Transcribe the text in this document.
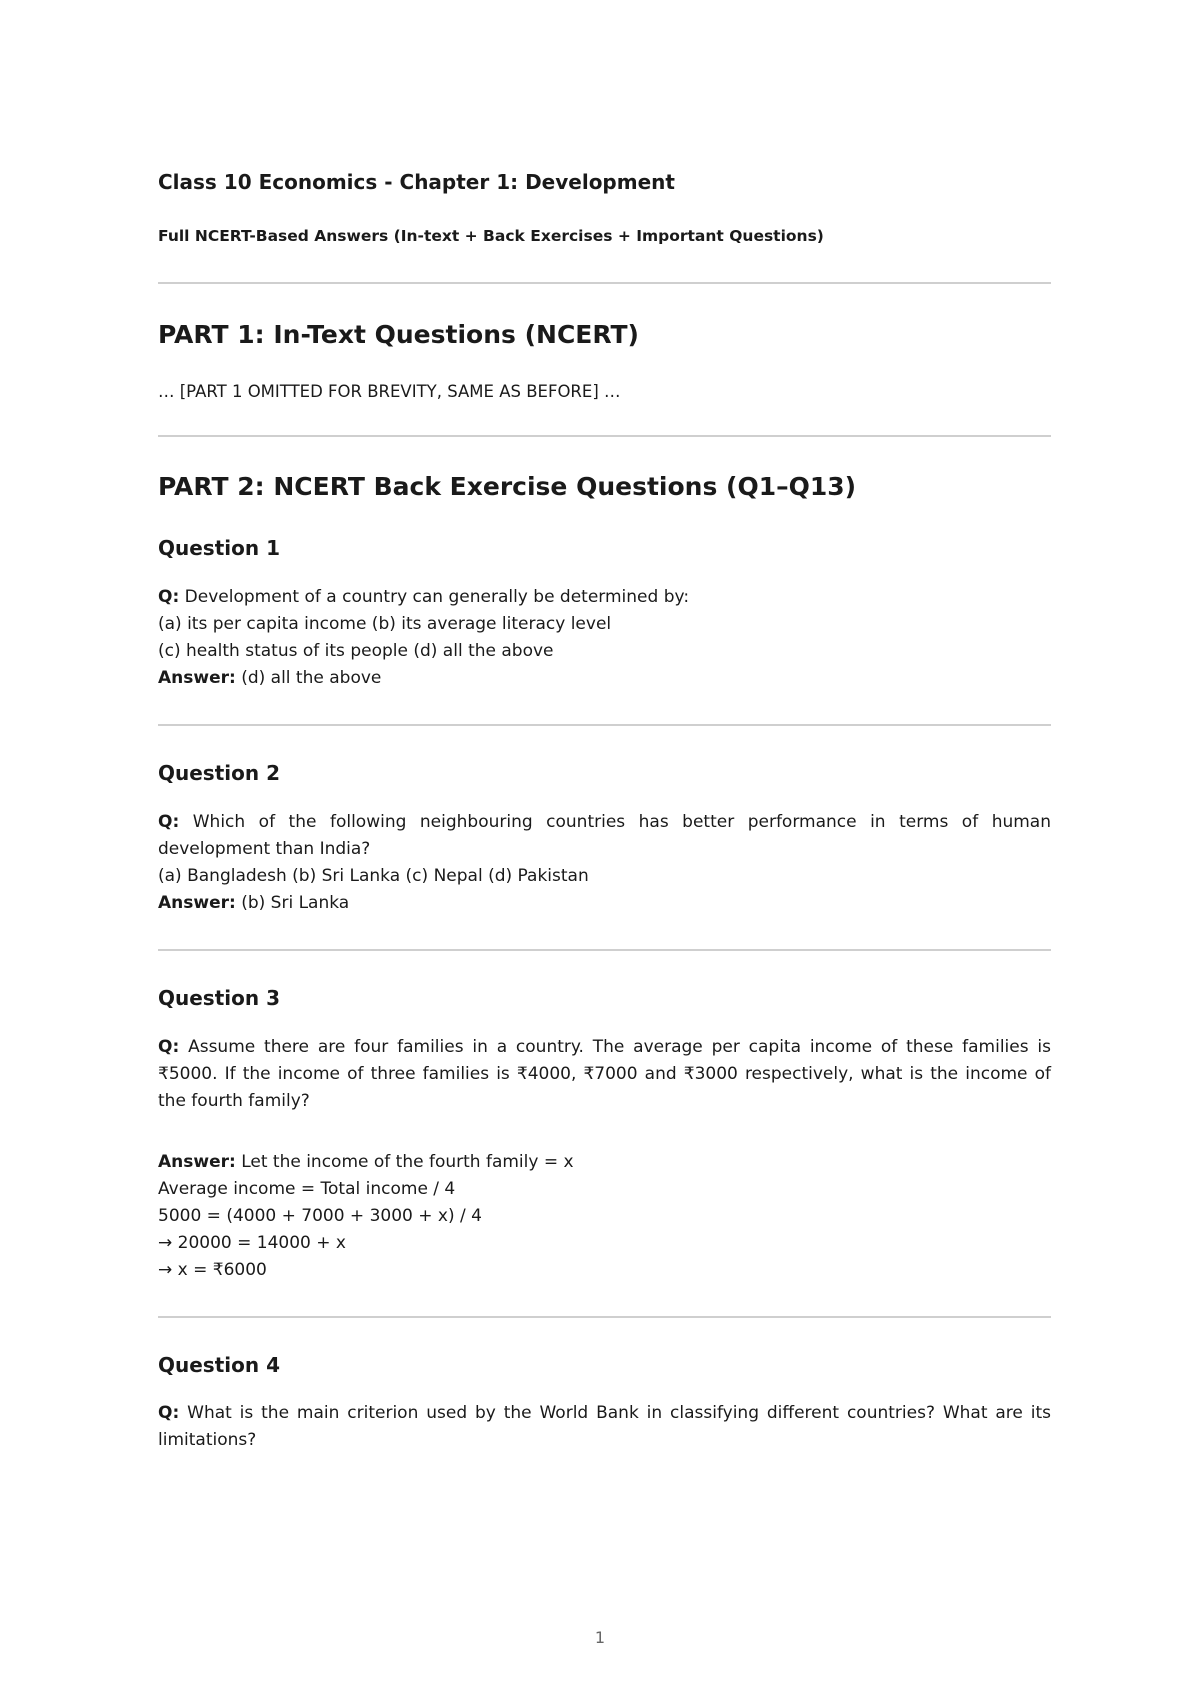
Class 10 Economics - Chapter 1: Development
Full NCERT-Based Answers (In-text + Back Exercises + Important Questions)
PART 1: In-Text Questions (NCERT)

… [PART 1 OMITTED FOR BREVITY, SAME AS BEFORE] …

PART 2: NCERT Back Exercise Questions (Q1–Q13)
Question 1
Q: Development of a country can generally be determined by:
(a) its per capita income (b) its average literacy level
(c) health status of its people (d) all the above
Answer: (d) all the above
Question 2
Q: Which of the following neighbouring countries has better performance in terms of human development than India?
(a) Bangladesh (b) Sri Lanka (c) Nepal (d) Pakistan
Answer: (b) Sri Lanka
Question 3
Q: Assume there are four families in a country. The average per capita income of these families is ₹5000. If the income of three families is ₹4000, ₹7000 and ₹3000 respectively, what is the income of the fourth family?
Answer: Let the income of the fourth family = x
Average income = Total income / 4
5000 = (4000 + 7000 + 3000 + x) / 4
→ 20000 = 14000 + x
→ x = ₹6000
Question 4
Q: What is the main criterion used by the World Bank in classifying different countries? What are its limitations?
1
